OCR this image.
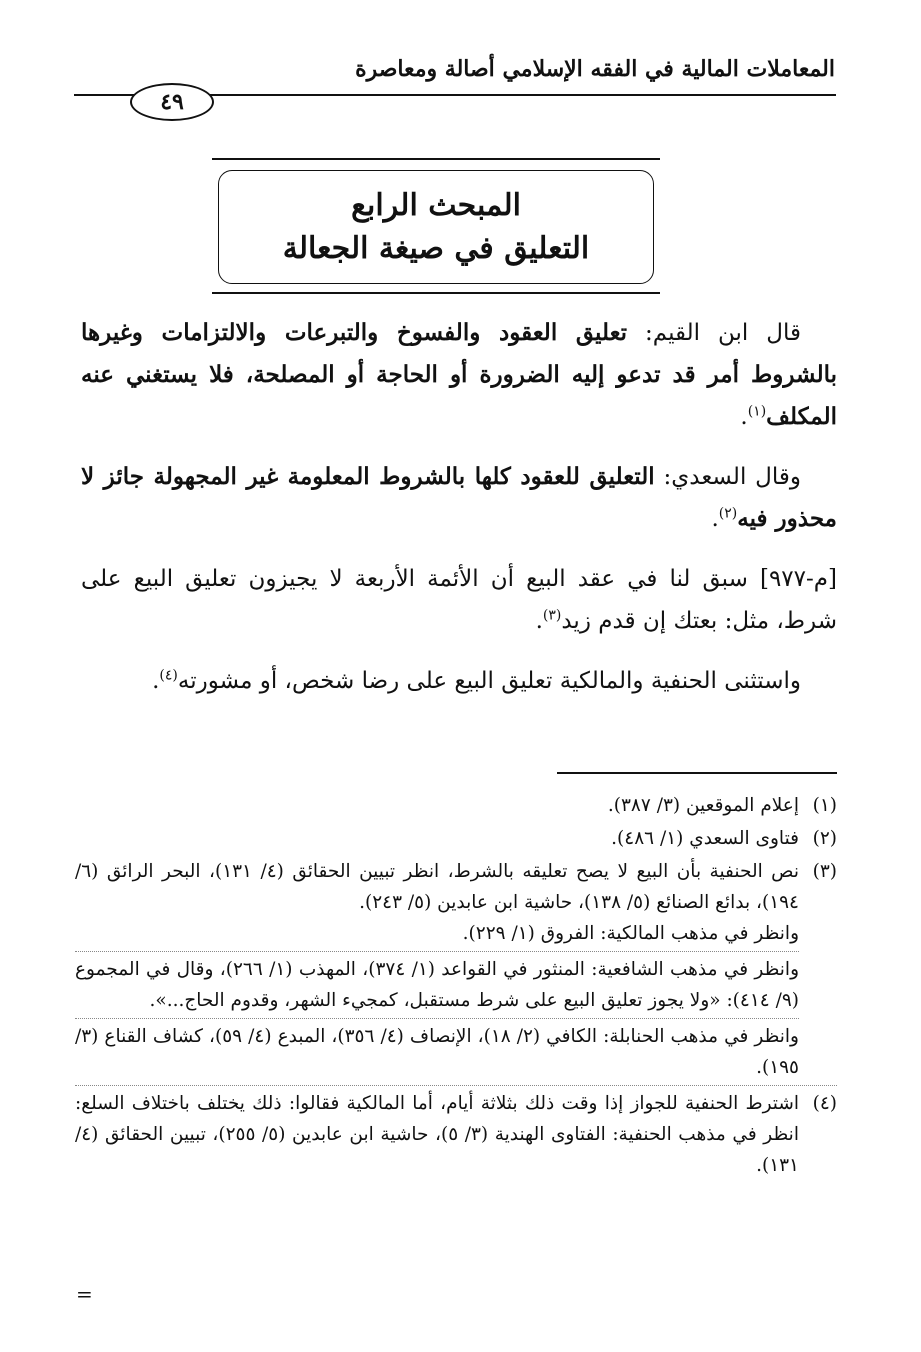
المعاملات المالية في الفقه الإسلامي أصالة ومعاصرة
٤٩
المبحث الرابع
التعليق في صيغة الجعالة

قال ابن القيم: تعليق العقود والفسوخ والتبرعات والالتزامات وغيرها بالشروط أمر قد تدعو إليه الضرورة أو الحاجة أو المصلحة، فلا يستغني عنه المكلف$^{(١)}$.

وقال السعدي: التعليق للعقود كلها بالشروط المعلومة غير المجهولة جائز لا محذور فيه$^{(٢)}$.

[م-٩٧٧] سبق لنا في عقد البيع أن الأئمة الأربعة لا يجيزون تعليق البيع على شرط، مثل: بعتك إن قدم زيد$^{(٣)}$.

واستثنى الحنفية والمالكية تعليق البيع على رضا شخص، أو مشورته$^{(٤)}$.

(١)

إعلام الموقعين (٣/ ٣٨٧).

(٢)

فتاوى السعدي (١/ ٤٨٦).

(٣)

نص الحنفية بأن البيع لا يصح تعليقه بالشرط، انظر تبيين الحقائق (٤/ ١٣١)، البحر الرائق (٦/ ١٩٤)، بدائع الصنائع (٥/ ١٣٨)، حاشية ابن عابدين (٥/ ٢٤٣).

وانظر في مذهب المالكية: الفروق (١/ ٢٢٩).

وانظر في مذهب الشافعية: المنثور في القواعد (١/ ٣٧٤)، المهذب (١/ ٢٦٦)، وقال في المجموع (٩/ ٤١٤): «ولا يجوز تعليق البيع على شرط مستقبل، كمجيء الشهر، وقدوم الحاج...».

وانظر في مذهب الحنابلة: الكافي (٢/ ١٨)، الإنصاف (٤/ ٣٥٦)، المبدع (٤/ ٥٩)، كشاف القناع (٣/ ١٩٥).

(٤)

اشترط الحنفية للجواز إذا وقت ذلك بثلاثة أيام، أما المالكية فقالوا: ذلك يختلف باختلاف السلع: انظر في مذهب الحنفية: الفتاوى الهندية (٣/ ٥)، حاشية ابن عابدين (٥/ ٢٥٥)، تبيين الحقائق (٤/ ١٣١).

=
